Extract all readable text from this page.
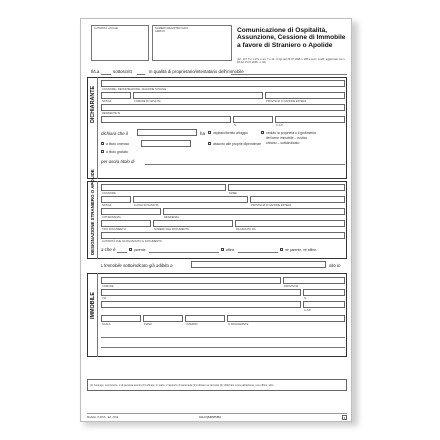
AUTORITÀ LOCALE	NUMERO REGISTRO DATA ARRIVO	Comunicazione di Ospitalità, Assunzione, Cessione di Immobile a favore di Straniero o Apolide
(Art. 147 T.U. L.P.S. e art. 7 e 12 - D.lgs del 25.07.1998 n. 286 e succ. modif. aggiornato con L. 94 del 15.07.2009, n. 94)
Il/La	sottoscritt	in qualità di proprietario/intestatario dell'immobile
DICHIARANTE COGNOME • DENOMINAZIONE • RAGIONE SOCIALE
NATO/A	COMUNE DI NASCITA	PROVINCIA O NAZIONE ESTERA
RESIDENTE IN
N.	C.A.P.
dichiara che il	ha ospitato/fornito alloggio	ceduto la proprietà o il godimento
del bene immobile – rustico
urbano – sottoindicato
a titolo oneroso	assunto alle proprie dipendenze
a titolo gratuito
per uso/a titolo di
DESIGNAZIONE STRANIERO O APOLIDE	COGNOME	NOME
NATO/A	LUOGO DI NASCITA	PROVINCIA O NAZIONE ESTERA
CITTADINANZA	RESIDENZA
TIPO DOCUMENTO	NUMERO DEL DOCUMENTO	RILASCIATO DA
AUTORITÀ CHE HA RILASCIATO IL DOCUMENTO
a che è	parente	affine	né parente, né affine.
L'immobile sottoindicato già adibito a	sito in
IMMOBILE
COMUNE	PROVINCIA
VIA	N.
C.A.P.
SCALA	PIANO	INTERNO	IL DICHIARANTE
(1) Coniuge, convivente, o di persona aventi (2) Indicare, in parte, il rapporto di parentela (3) Indicare se del tutto (4) Utilizzare come abitazione, uso ufficio, altro
Modello: 8-9/SS - Ed. 2019	ALLA QUESTURA	1
